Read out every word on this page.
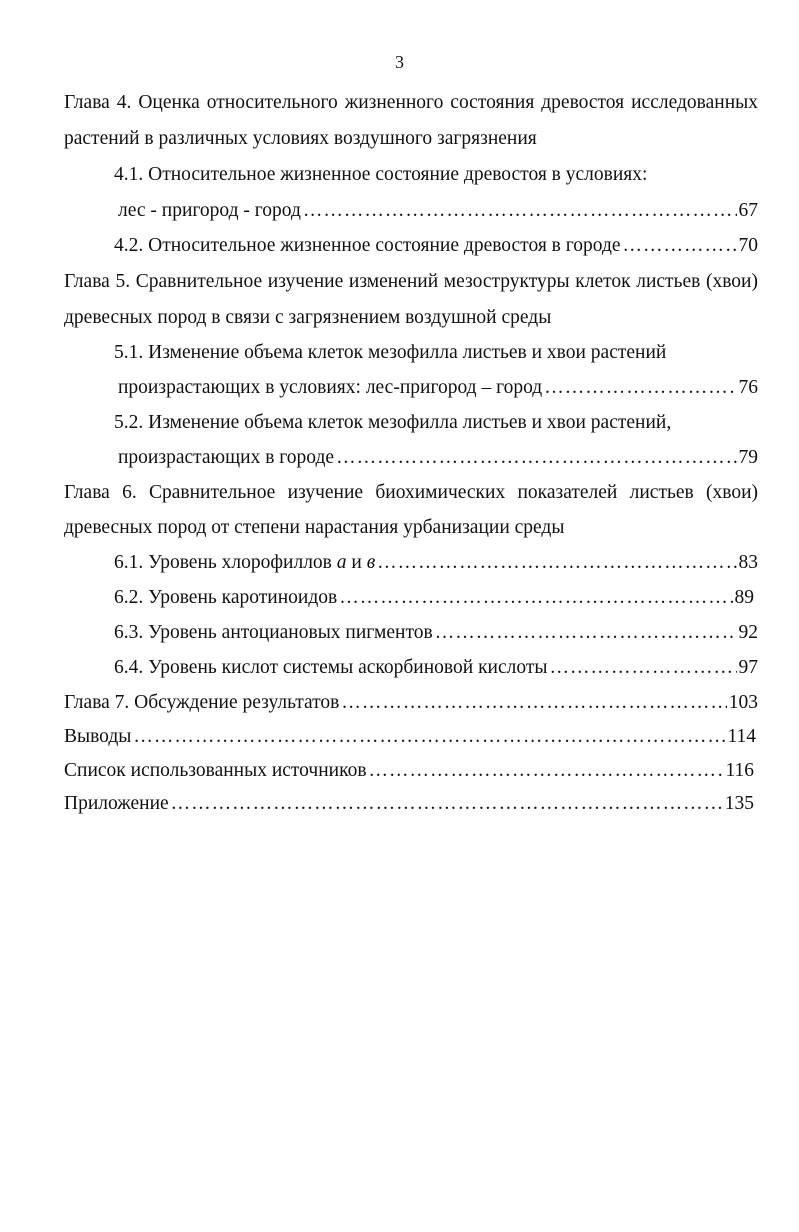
3
Глава 4. Оценка относительного жизненного состояния древостоя исследованных
растений в различных условиях воздушного загрязнения
4.1. Относительное жизненное состояние древостоя в условиях:
лес - пригород - город …………………………………………………………………………………………………………………………………………………………	67
4.2. Относительное жизненное состояние древостоя в городе …………………………………………………………………………………………………………………………………………………………	70
Глава 5. Сравнительное изучение изменений мезоструктуры клеток листьев (хвои)
древесных пород в связи с загрязнением воздушной среды
5.1. Изменение объема клеток мезофилла листьев и хвои растений
произрастающих в условиях: лес-пригород – город …………………………………………………………………………………………………………………………………………………………	76
5.2. Изменение объема клеток мезофилла листьев и хвои растений,
произрастающих в городе …………………………………………………………………………………………………………………………………………………………	79
Глава 6. Сравнительное изучение биохимических показателей листьев (хвои)
древесных пород от степени нарастания урбанизации среды
6.1. Уровень хлорофиллов а и в …………………………………………………………………………………………………………………………………………………………	83
6.2. Уровень каротиноидов …………………………………………………………………………………………………………………………………………………………	89
6.3. Уровень антоциановых пигментов …………………………………………………………………………………………………………………………………………………………	92
6.4. Уровень кислот системы аскорбиновой кислоты …………………………………………………………………………………………………………………………………………………………	97
Глава 7. Обсуждение результатов …………………………………………………………………………………………………………………………………………………………	103
Выводы …………………………………………………………………………………………………………………………………………………………	114
Список использованных источников …………………………………………………………………………………………………………………………………………………………	116
Приложение …………………………………………………………………………………………………………………………………………………………	135
